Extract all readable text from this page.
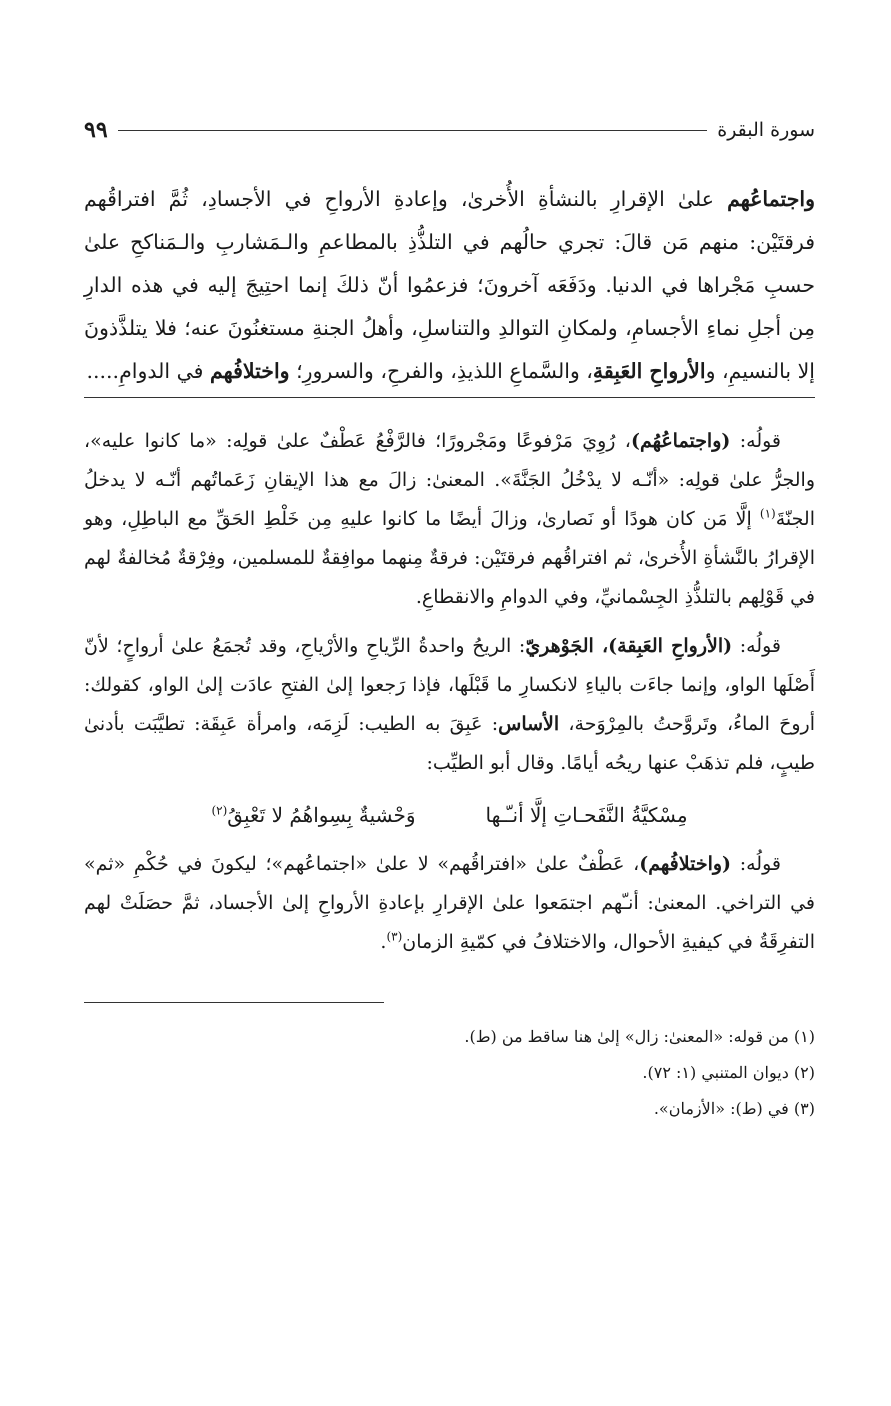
سورة البقرة
٩٩
واجتماعُهم علىٰ الإقرارِ بالنشأةِ الأُخرىٰ، وإعادةِ الأرواحِ في الأجسادِ، ثُمَّ افتراقُهم فرقتَيْن: منهم مَن قالَ: تجري حالُهم في التلذُّذِ بالمطاعمِ والـمَشاربِ والـمَناكحِ علىٰ حسبِ مَجْراها في الدنيا. ودَفَعَه آخرونَ؛ فزعمُوا أنّ ذلكَ إنما احتِيجَ إليه في هذه الدارِ مِن أجلِ نماءِ الأجسامِ، ولمكانِ التوالدِ والتناسلِ، وأهلُ الجنةِ مستغنُونَ عنه؛ فلا يتلذَّذونَ إلا بالنسيمِ، والأرواحِ العَبِقةِ، والسَّماعِ اللذيذِ، والفرحِ، والسرورِ؛ واختلافُهم في الدوامِ.....

قولُه: (واجتماعُهُم)، رُوِيَ مَرْفوعًا ومَجْرورًا؛ فالرَّفْعُ عَطْفٌ علىٰ قولِه: «ما كانوا عليه»، والجرُّ علىٰ قولِه: «أنّـه لا يدْخُلُ الجَنَّةَ». المعنىٰ: زالَ مع هذا الإيقانِ زَعَماتُهم أنّـه لا يدخلُ الجنّةَ$^{(١)}$ إلَّا مَن كان هودًا أو نَصارىٰ، وزالَ أيضًا ما كانوا عليهِ مِن خَلْطِ الحَقِّ مع الباطِلِ، وهو الإقرارُ بالنَّشأةِ الأُخرىٰ، ثم افتراقُهم فرقتَيْن: فرقةٌ مِنهما موافِقةٌ للمسلمين، وفِرْقةٌ مُخالفةٌ لهم في قَوْلِهم بالتلذُّذِ الجِسْمانيِّ، وفي الدوامِ والانقطاعِ.

قولُه: (الأرواحِ العَبِقة)، الجَوْهريّ: الريحُ واحدةُ الرِّياحِ والأرْياحِ، وقد تُجمَعُ علىٰ أرواحٍ؛ لأنّ أَصْلَها الواو، وإنما جاءَت بالياءِ لانكسارِ ما قَبْلَها، فإذا رَجعوا إلىٰ الفتحِ عادَت إلىٰ الواو، كقولك: أروحَ الماءُ، وتَروَّحتُ بالمِرْوَحة، الأساس: عَبِقَ به الطيب: لَزِمَه، وامرأة عَبِقَة: تطيَّبَت بأدنىٰ طيبٍ، فلم تذهَبْ عنها ريحُه أيامًا. وقال أبو الطيِّب:

مِسْكيَّةُ النَّفَحـاتِ إلَّا أنـّـها
وَحْشيةٌ بِسِواهُمُ لا تَعْبِقُ$^{(٢)}$

قولُه: (واختلافُهم)، عَطْفٌ علىٰ «افتراقُهم» لا علىٰ «اجتماعُهم»؛ ليكونَ في حُكْمِ «ثم» في التراخي. المعنىٰ: أنـّهم اجتمَعوا علىٰ الإقرارِ بإعادةِ الأرواحِ إلىٰ الأجساد، ثمَّ حصَلَتْ لهم التفرِقَةُ في كيفيةِ الأحوال، والاختلافُ في كمّيةِ الزمان$^{(٣)}$.

(١) من قوله: «المعنىٰ: زال» إلىٰ هنا ساقط من (ط).
(٢) ديوان المتنبي (١: ٧٢).
(٣) في (ط): «الأزمان».
